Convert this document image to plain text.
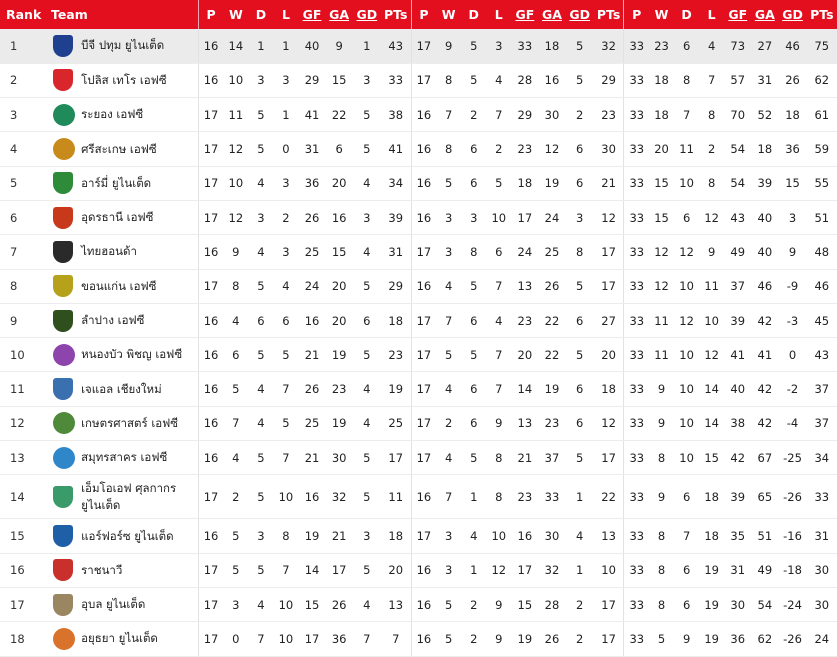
Rank	Team		P	W	D	L	GF	GA	GD	PTs	P	W	D	L	GF	GA	GD	PTs	P	W	D	L	GF	GA	GD	PTs
1		บีจี ปทุม ยูไนเต็ด	16	14	1	1	40	9	1	43	17	9	5	3	33	18	5	32	33	23	6	4	73	27	46	75
2		โปลิส เทโร เอฟซี	16	10	3	3	29	15	3	33	17	8	5	4	28	16	5	29	33	18	8	7	57	31	26	62
3		ระยอง เอฟซี	17	11	5	1	41	22	5	38	16	7	2	7	29	30	2	23	33	18	7	8	70	52	18	61
4		ศรีสะเกษ เอฟซี	17	12	5	0	31	6	5	41	16	8	6	2	23	12	6	30	33	20	11	2	54	18	36	59
5		อาร์มี่ ยูไนเต็ด	17	10	4	3	36	20	4	34	16	5	6	5	18	19	6	21	33	15	10	8	54	39	15	55
6		อุดรธานี เอฟซี	17	12	3	2	26	16	3	39	16	3	3	10	17	24	3	12	33	15	6	12	43	40	3	51
7		ไทยฮอนด้า	16	9	4	3	25	15	4	31	17	3	8	6	24	25	8	17	33	12	12	9	49	40	9	48
8		ขอนแก่น เอฟซี	17	8	5	4	24	20	5	29	16	4	5	7	13	26	5	17	33	12	10	11	37	46	-9	46
9		ลำปาง เอฟซี	16	4	6	6	16	20	6	18	17	7	6	4	23	22	6	27	33	11	12	10	39	42	-3	45
10		หนองบัว พิชญ เอฟซี	16	6	5	5	21	19	5	23	17	5	5	7	20	22	5	20	33	11	10	12	41	41	0	43
11		เจแอล เชียงใหม่	16	5	4	7	26	23	4	19	17	4	6	7	14	19	6	18	33	9	10	14	40	42	-2	37
12		เกษตรศาสตร์ เอฟซี	16	7	4	5	25	19	4	25	17	2	6	9	13	23	6	12	33	9	10	14	38	42	-4	37
13		สมุทรสาคร เอฟซี	16	4	5	7	21	30	5	17	17	4	5	8	21	37	5	17	33	8	10	15	42	67	-25	34
14		เอ็มโอเอฟ ศุลกากร ยูไนเต็ด	17	2	5	10	16	32	5	11	16	7	1	8	23	33	1	22	33	9	6	18	39	65	-26	33
15		แอร์ฟอร์ซ ยูไนเต็ด	16	5	3	8	19	21	3	18	17	3	4	10	16	30	4	13	33	8	7	18	35	51	-16	31
16		ราชนาวี	17	5	5	7	14	17	5	20	16	3	1	12	17	32	1	10	33	8	6	19	31	49	-18	30
17		อุบล ยูไนเต็ด	17	3	4	10	15	26	4	13	16	5	2	9	15	28	2	17	33	8	6	19	30	54	-24	30
18		อยุธยา ยูไนเต็ด	17	0	7	10	17	36	7	7	16	5	2	9	19	26	2	17	33	5	9	19	36	62	-26	24
